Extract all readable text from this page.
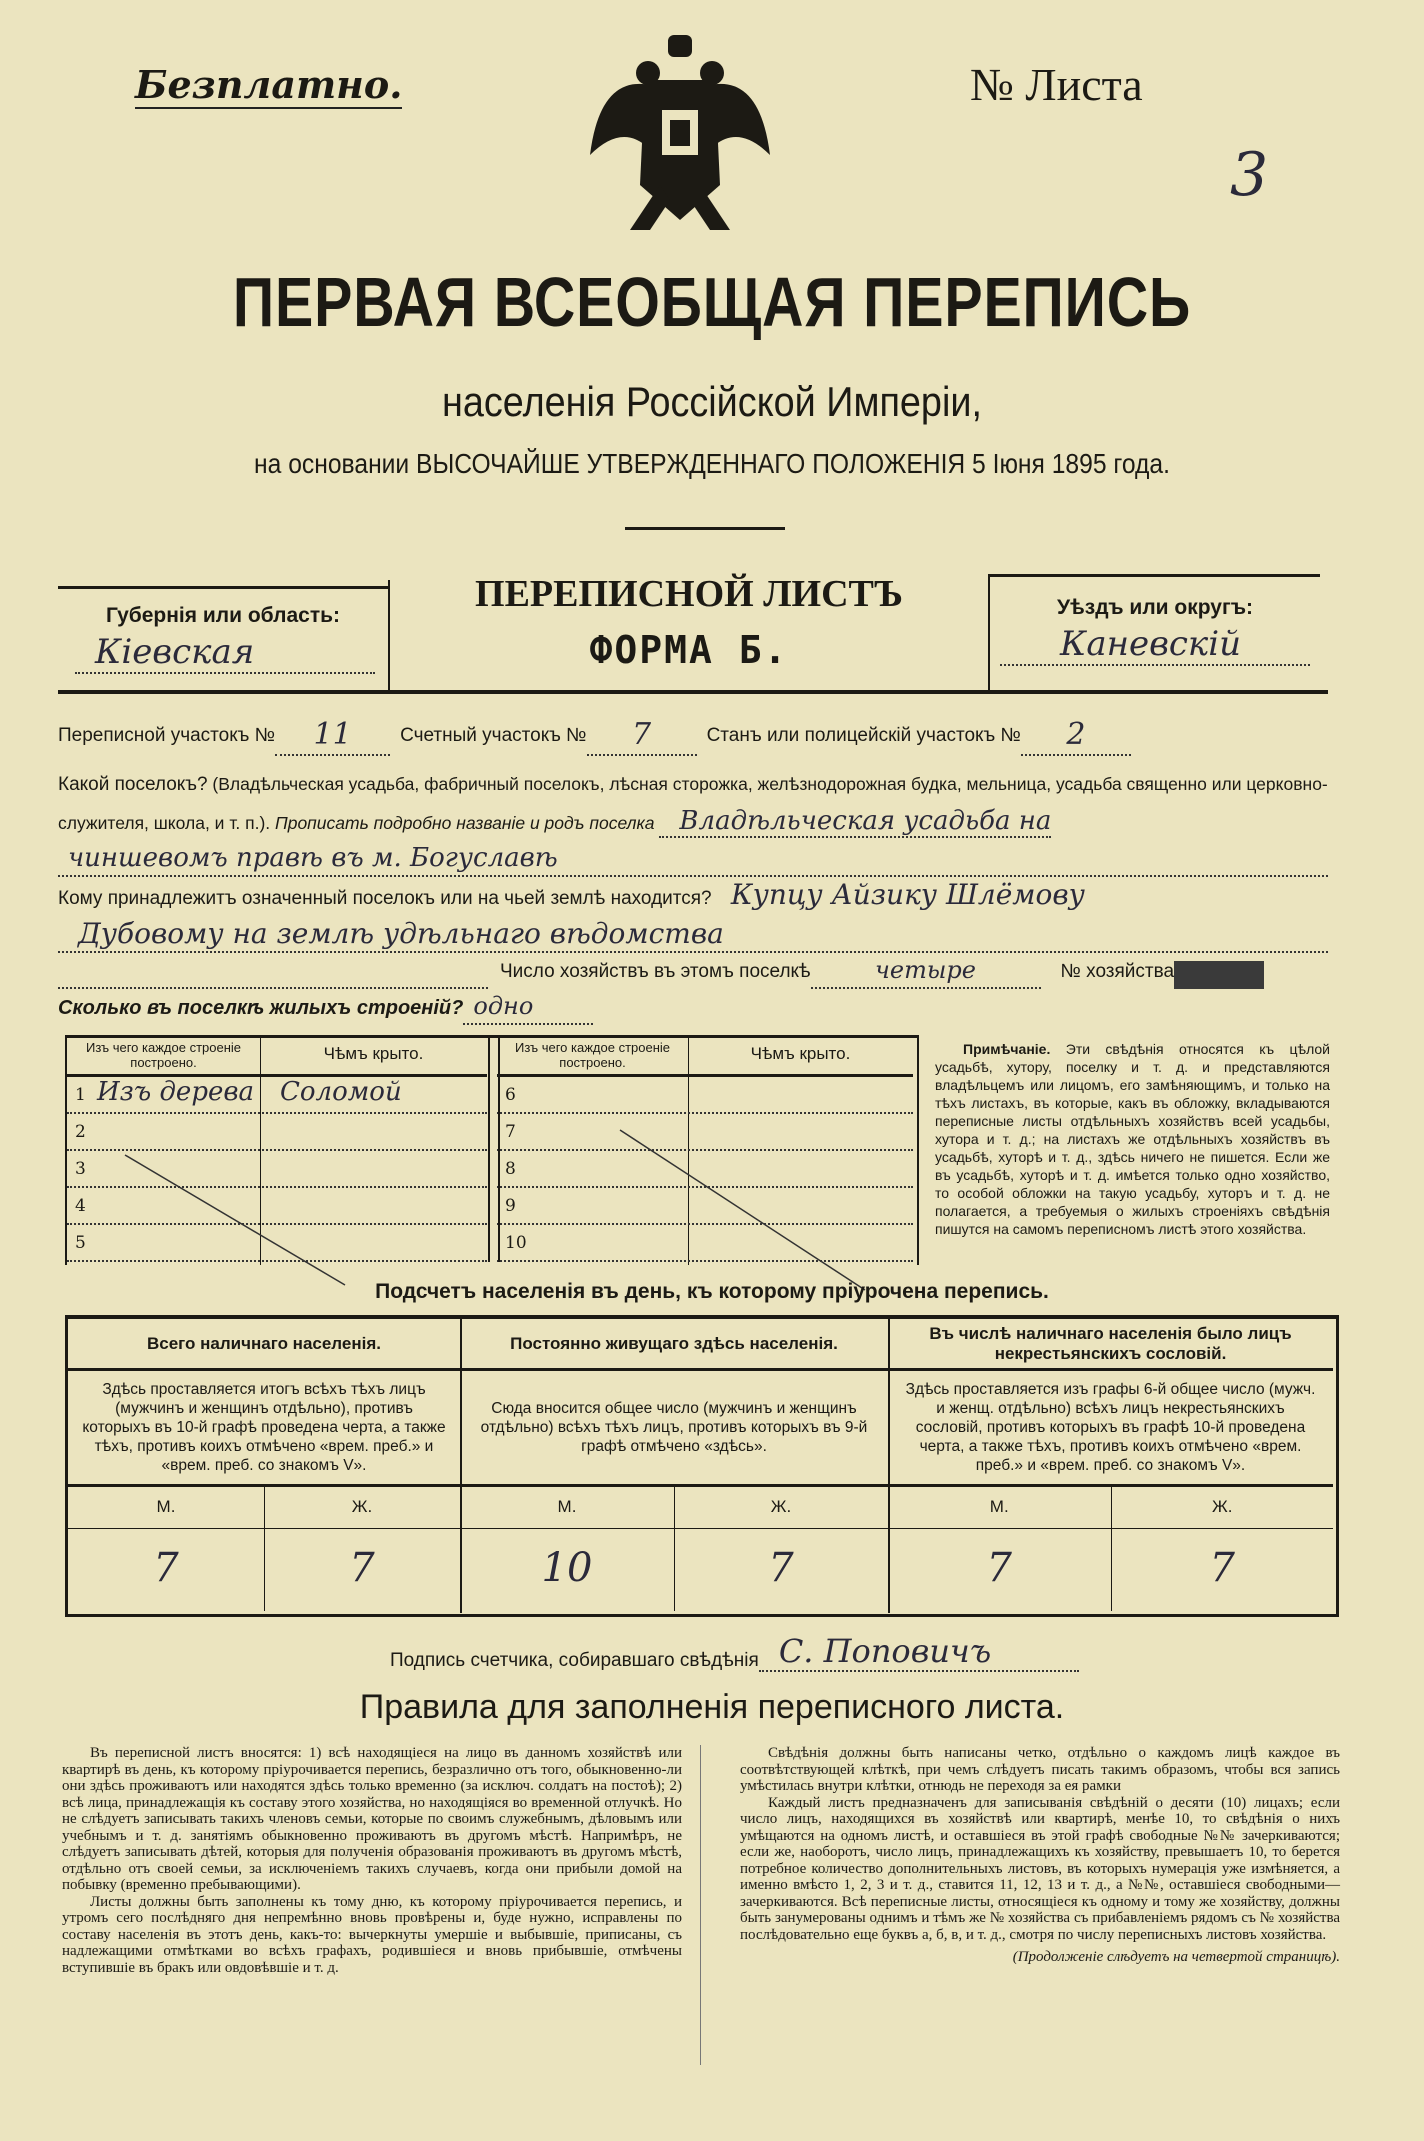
Безплатно.	№ Листа
3
ПЕРВАЯ ВСЕОБЩАЯ ПЕРЕПИСЬ
населенія Россійской Имперіи,
на основании ВЫСОЧАЙШЕ УТВЕРЖДЕННАГО ПОЛОЖЕНІЯ 5 Іюня 1895 года.
Губернія или область:
Кіевская
ПЕРЕПИСНОЙ ЛИСТЪ
ФОРМА Б.
Уѣздъ или округъ:
Каневскій
Переписной участокъ №	11	Счетный участокъ №	7	Станъ или полицейскій участокъ №	2
Какой поселокъ? (Владѣльческая усадьба, фабричный поселокъ, лѣсная сторожка, желѣзнодорожная будка, мельница, усадьба священно или церковно-служителя, школа, и т. п.). Прописать подробно названіе и родъ поселка Владѣльческая усадьба на
чиншевомъ правѣ въ м. Богуславѣ
Кому принадлежитъ означенный поселокъ или на чьей землѣ находится? Купцу Айзику Шлёмову
Дубовому на землѣ удѣльнаго вѣдомства
Число хозяйствъ въ этомъ поселкѣ	четыре	№ хозяйства
Сколько въ поселкѣ жилыхъ строеній? одно
Изъ чего каждое строеніе построено.	Чѣмъ крыто.
1 Изъ дерева Соломой
2
3
4
5
Изъ чего каждое строеніе построено.	Чѣмъ крыто.
6
7
8
9
10
Примѣчаніе. Эти свѣдѣнія относятся къ цѣлой усадьбѣ, хутору, поселку и т. д. и представляются владѣльцемъ или лицомъ, его замѣняющимъ, и только на тѣхъ листахъ, въ которые, какъ въ обложку, вкладываются переписные листы отдѣльныхъ хозяйствъ всей усадьбы, хутора и т. д.; на листахъ же отдѣльныхъ хозяйствъ въ усадьбѣ, хуторѣ и т. д., здѣсь ничего не пишется. Если же въ усадьбѣ, хуторѣ и т. д. имѣется только одно хозяйство, то особой обложки на такую усадьбу, хуторъ и т. д. не полагается, а требуемыя о жилыхъ строеніяхъ свѣдѣнія пишутся на самомъ переписномъ листѣ этого хозяйства.
Подсчетъ населенія въ день, къ которому пріурочена перепись.
Всего наличнаго населенія.
Здѣсь проставляется итогъ всѣхъ тѣхъ лицъ (мужчинъ и женщинъ отдѣльно), противъ которыхъ въ 10-й графѣ проведена черта, а также тѣхъ, противъ коихъ отмѣчено «врем. преб.» и «врем. преб. со знакомъ V».
М.	Ж.
7	7
Постоянно живущаго здѣсь населенія.
Сюда вносится общее число (мужчинъ и женщинъ отдѣльно) всѣхъ тѣхъ лицъ, противъ которыхъ въ 9-й графѣ отмѣчено «здѣсь».
М.	Ж.
10	7
Въ числѣ наличнаго населенія было лицъ некрестьянскихъ сословій.
Здѣсь проставляется изъ графы 6-й общее число (мужч. и женщ. отдѣльно) всѣхъ лицъ некрестьянскихъ сословій, противъ которыхъ въ графѣ 10-й проведена черта, а также тѣхъ, противъ коихъ отмѣчено «врем. преб.» и «врем. преб. со знакомъ V».
М.	Ж.
7	7
Подпись счетчика, собиравшаго свѣдѣнія С. Поповичъ
Правила для заполненія переписного листа.

Въ переписной листъ вносятся: 1) всѣ находящіеся на лицо въ данномъ хозяйствѣ или квартирѣ въ день, къ которому пріурочивается перепись, безразлично отъ того, обыкновенно-ли они здѣсь проживаютъ или находятся здѣсь только временно (за исключ. солдатъ на постоѣ); 2) всѣ лица, принадлежащія къ составу этого хозяйства, но находящіяся во временной отлучкѣ. Но не слѣдуетъ записывать такихъ членовъ семьи, которые по своимъ служебнымъ, дѣловымъ или учебнымъ и т. д. занятіямъ обыкновенно проживаютъ въ другомъ мѣстѣ. Напримѣръ, не слѣдуетъ записывать дѣтей, которыя для полученія образованія проживаютъ въ другомъ мѣстѣ, отдѣльно отъ своей семьи, за исключеніемъ такихъ случаевъ, когда они прибыли домой на побывку (временно пребывающими).

Листы должны быть заполнены къ тому дню, къ которому пріурочивается перепись, и утромъ сего послѣдняго дня непремѣнно вновь провѣрены и, буде нужно, исправлены по составу населенія въ этотъ день, какъ-то: вычеркнуты умершіе и выбывшіе, приписаны, съ надлежащими отмѣтками во всѣхъ графахъ, родившіеся и вновь прибывшіе, отмѣчены вступившіе въ бракъ или овдовѣвшіе и т. д.

Свѣдѣнія должны быть написаны четко, отдѣльно о каждомъ лицѣ каждое въ соотвѣтствующей клѣткѣ, при чемъ слѣдуетъ писать такимъ образомъ, чтобы вся запись умѣстилась внутри клѣтки, отнюдь не переходя за ея рамки

Каждый листъ предназначенъ для записыванія свѣдѣній о десяти (10) лицахъ; если число лицъ, находящихся въ хозяйствѣ или квартирѣ, менѣе 10, то свѣдѣнія о нихъ умѣщаются на одномъ листѣ, и оставшіеся въ этой графѣ свободные №№ зачеркиваются; если же, наоборотъ, число лицъ, принадлежащихъ къ хозяйству, превышаетъ 10, то берется потребное количество дополнительныхъ листовъ, въ которыхъ нумерація уже измѣняется, а именно вмѣсто 1, 2, 3 и т. д., ставится 11, 12, 13 и т. д., а №№, оставшіеся свободными—зачеркиваются. Всѣ переписные листы, относящіеся къ одному и тому же хозяйству, должны быть занумерованы однимъ и тѣмъ же № хозяйства съ прибавленіемъ рядомъ съ № хозяйства послѣдовательно еще буквъ а, б, в, и т. д., смотря по числу переписныхъ листовъ хозяйства.

(Продолженіе слѣдуетъ на четвертой страницѣ).
